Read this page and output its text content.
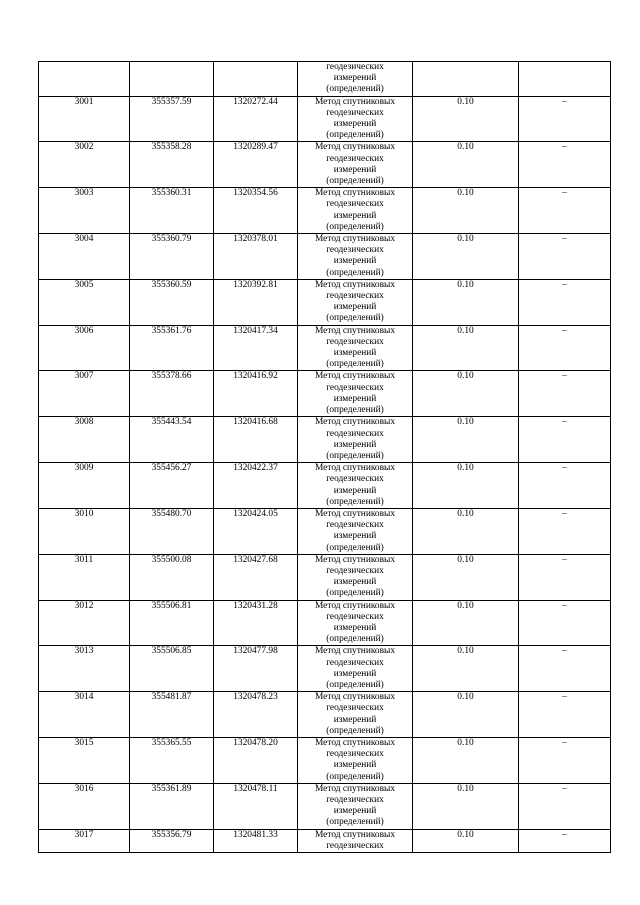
			геодезических
измерений
(определений)		

3001	355357.59	1320272.44	Метод спутниковых
геодезических
измерений
(определений)	0.10	–
3002	355358.28	1320289.47	Метод спутниковых
геодезических
измерений
(определений)	0.10	–
3003	355360.31	1320354.56	Метод спутниковых
геодезических
измерений
(определений)	0.10	–
3004	355360.79	1320378.01	Метод спутниковых
геодезических
измерений
(определений)	0.10	–
3005	355360.59	1320392.81	Метод спутниковых
геодезических
измерений
(определений)	0.10	–
3006	355361.76	1320417.34	Метод спутниковых
геодезических
измерений
(определений)	0.10	–
3007	355378.66	1320416.92	Метод спутниковых
геодезических
измерений
(определений)	0.10	–
3008	355443.54	1320416.68	Метод спутниковых
геодезических
измерений
(определений)	0.10	–
3009	355456.27	1320422.37	Метод спутниковых
геодезических
измерений
(определений)	0.10	–
3010	355480.70	1320424.05	Метод спутниковых
геодезических
измерений
(определений)	0.10	–
3011	355500.08	1320427.68	Метод спутниковых
геодезических
измерений
(определений)	0.10	–
3012	355506.81	1320431.28	Метод спутниковых
геодезических
измерений
(определений)	0.10	–
3013	355506.85	1320477.98	Метод спутниковых
геодезических
измерений
(определений)	0.10	–
3014	355481.87	1320478.23	Метод спутниковых
геодезических
измерений
(определений)	0.10	–
3015	355365.55	1320478.20	Метод спутниковых
геодезических
измерений
(определений)	0.10	–
3016	355361.89	1320478.11	Метод спутниковых
геодезических
измерений
(определений)	0.10	–
3017	355356.79	1320481.33	Метод спутниковых
геодезических	0.10	–
